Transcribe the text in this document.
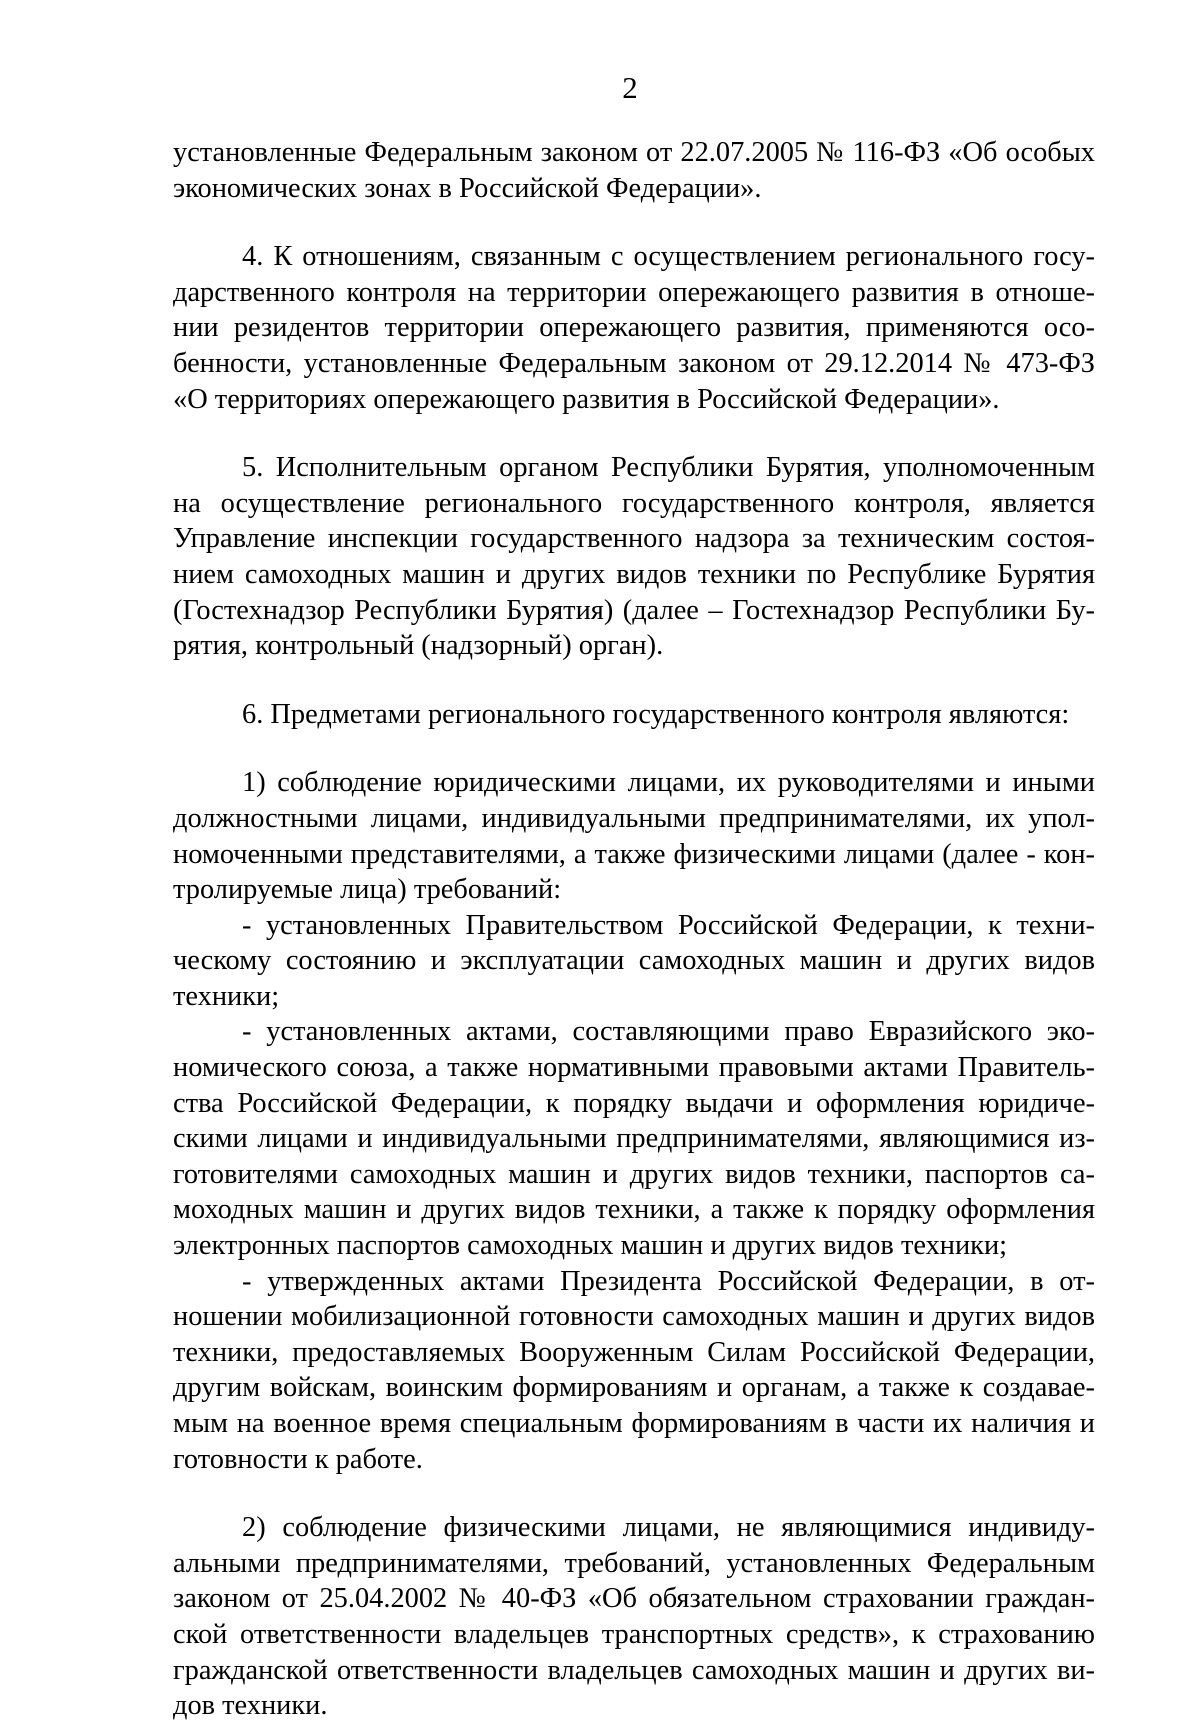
2

установленные Федеральным законом от 22.07.2005 № 116-ФЗ «Об особых
экономических зонах в Российской Федерации».

4. К отношениям, связанным с осуществлением регионального госу-
дарственного контроля на территории опережающего развития в отноше-
нии резидентов территории опережающего развития, применяются осо-
бенности, установленные Федеральным законом от 29.12.2014 № 473-ФЗ
«О территориях опережающего развития в Российской Федерации».

5. Исполнительным органом Республики Бурятия, уполномоченным
на осуществление регионального государственного контроля, является
Управление инспекции государственного надзора за техническим состоя-
нием самоходных машин и других видов техники по Республике Бурятия
(Гостехнадзор Республики Бурятия) (далее – Гостехнадзор Республики Бу-
рятия, контрольный (надзорный) орган).

6. Предметами регионального государственного контроля являются:

1) соблюдение юридическими лицами, их руководителями и иными
должностными лицами, индивидуальными предпринимателями, их упол-
номоченными представителями, а также физическими лицами (далее - кон-
тролируемые лица) требований:

- установленных Правительством Российской Федерации, к техни-
ческому состоянию и эксплуатации самоходных машин и других видов
техники;

- установленных актами, составляющими право Евразийского эко-
номического союза, а также нормативными правовыми актами Правитель-
ства Российской Федерации, к порядку выдачи и оформления юридиче-
скими лицами и индивидуальными предпринимателями, являющимися из-
готовителями самоходных машин и других видов техники, паспортов са-
моходных машин и других видов техники, а также к порядку оформления
электронных паспортов самоходных машин и других видов техники;

- утвержденных актами Президента Российской Федерации, в от-
ношении мобилизационной готовности самоходных машин и других видов
техники, предоставляемых Вооруженным Силам Российской Федерации,
другим войскам, воинским формированиям и органам, а также к создавае-
мым на военное время специальным формированиям в части их наличия и
готовности к работе.

2) соблюдение физическими лицами, не являющимися индивиду-
альными предпринимателями, требований, установленных Федеральным
законом от 25.04.2002 № 40-ФЗ «Об обязательном страховании граждан-
ской ответственности владельцев транспортных средств», к страхованию
гражданской ответственности владельцев самоходных машин и других ви-
дов техники.
